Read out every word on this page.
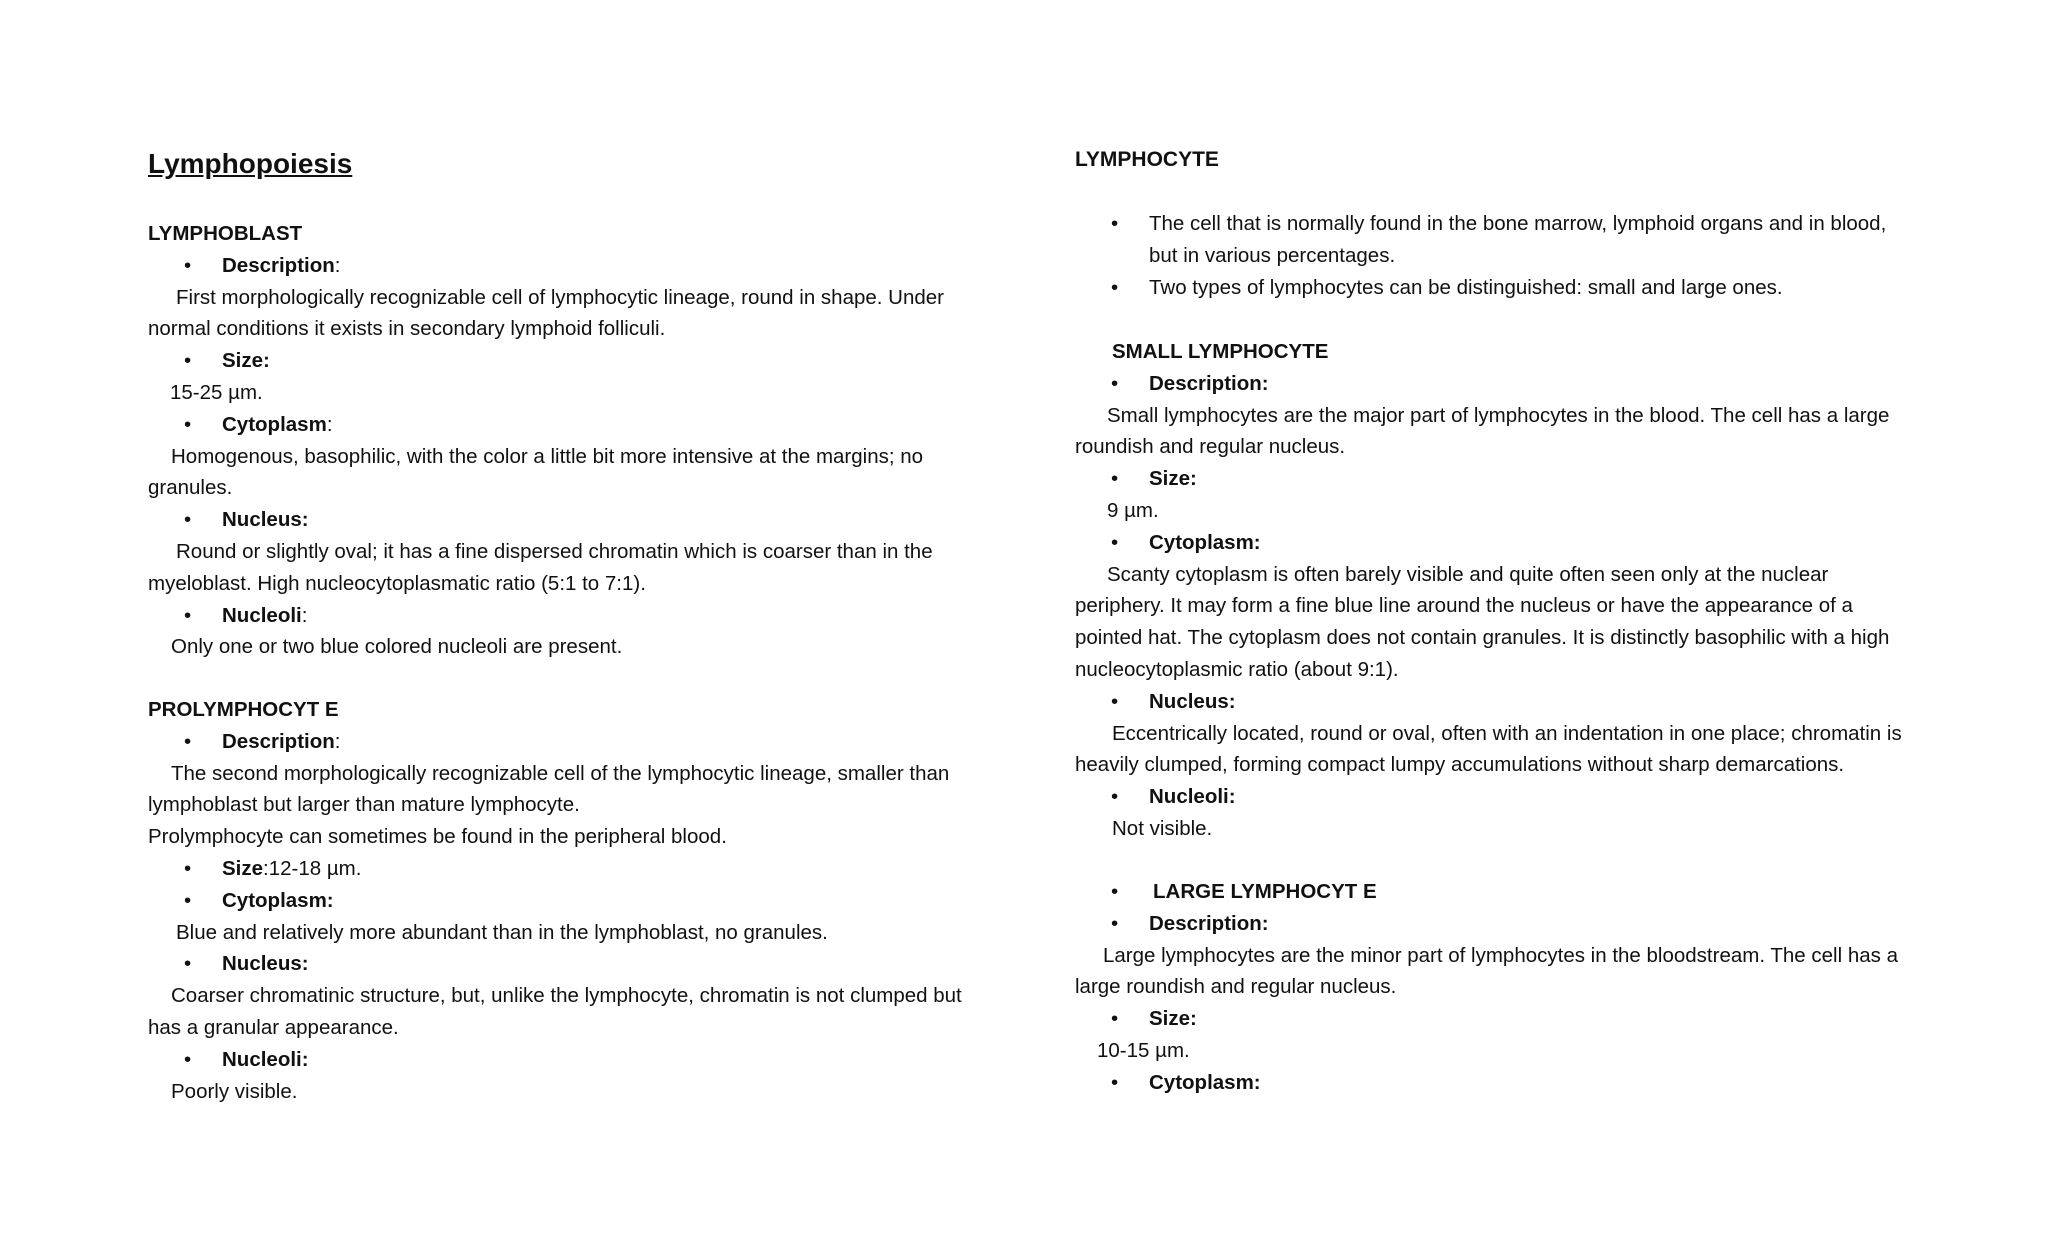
Lymphopoiesis
LYMPHOBLAST
• Description:
First morphologically recognizable cell of lymphocytic lineage, round in shape. Under
normal conditions it exists in secondary lymphoid folliculi.
• Size:
15-25 µm.
• Cytoplasm:
Homogenous, basophilic, with the color a little bit more intensive at the margins; no
granules.
• Nucleus:
Round or slightly oval; it has a fine dispersed chromatin which is coarser than in the
myeloblast. High nucleocytoplasmatic ratio (5:1 to 7:1).
• Nucleoli:
Only one or two blue colored nucleoli are present.
PROLYMPHOCYT E
• Description:
The second morphologically recognizable cell of the lymphocytic lineage, smaller than
lymphoblast but larger than mature lymphocyte.
Prolymphocyte can sometimes be found in the peripheral blood.
• Size:12-18 µm.
• Cytoplasm:
Blue and relatively more abundant than in the lymphoblast, no granules.
• Nucleus:
Coarser chromatinic structure, but, unlike the lymphocyte, chromatin is not clumped but
has a granular appearance.
• Nucleoli:
Poorly visible.
LYMPHOCYTE
• The cell that is normally found in the bone marrow, lymphoid organs and in blood,
but in various percentages.
• Two types of lymphocytes can be distinguished: small and large ones.
SMALL LYMPHOCYTE
• Description:
Small lymphocytes are the major part of lymphocytes in the blood. The cell has a large
roundish and regular nucleus.
• Size:
9 µm.
• Cytoplasm:
Scanty cytoplasm is often barely visible and quite often seen only at the nuclear
periphery. It may form a fine blue line around the nucleus or have the appearance of a
pointed hat. The cytoplasm does not contain granules. It is distinctly basophilic with a high
nucleocytoplasmic ratio (about 9:1).
• Nucleus:
Eccentrically located, round or oval, often with an indentation in one place; chromatin is
heavily clumped, forming compact lumpy accumulations without sharp demarcations.
• Nucleoli:
Not visible.
• LARGE LYMPHOCYT E
• Description:
Large lymphocytes are the minor part of lymphocytes in the bloodstream. The cell has a
large roundish and regular nucleus.
• Size:
10-15 µm.
• Cytoplasm:
